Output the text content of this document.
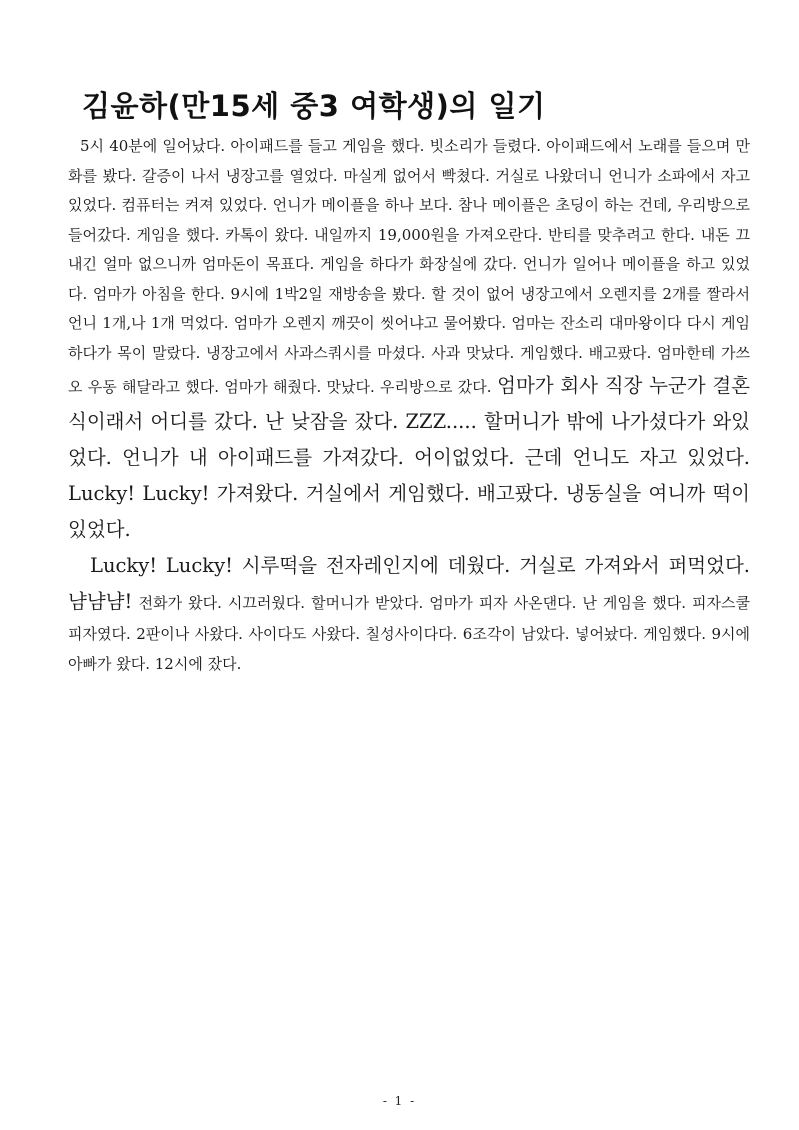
김윤하(만15세 중3 여학생)의 일기

5시 40분에 일어났다. 아이패드를 들고 게임을 했다. 빗소리가 들렸다. 아이패드에서 노래를 들으며 만화를 봤다. 갈증이 나서 냉장고를 열었다. 마실게 없어서 빡쳤다. 거실로 나왔더니 언니가 소파에서 자고 있었다. 컴퓨터는 켜져 있었다. 언니가 메이플을 하나 보다. 참나 메이플은 초딩이 하는 건데, 우리방으로 들어갔다. 게임을 했다. 카톡이 왔다. 내일까지 19,000원을 가져오란다. 반티를 맞추려고 한다. 내돈 끄내긴 얼마 없으니까 엄마돈이 목표다. 게임을 하다가 화장실에 갔다. 언니가 일어나 메이플을 하고 있었다. 엄마가 아침을 한다. 9시에 1박2일 재방송을 봤다. 할 것이 없어 냉장고에서 오렌지를 2개를 짤라서 언니 1개,나 1개 먹었다. 엄마가 오렌지 깨끗이 씻어냐고 물어봤다. 엄마는 잔소리 대마왕이다 다시 게임하다가 목이 말랐다. 냉장고에서 사과스쿼시를 마셨다. 사과 맛났다. 게임했다. 배고팠다. 엄마한테 가쓰오 우동 해달라고 했다. 엄마가 해줬다. 맛났다. 우리방으로 갔다. 엄마가 회사 직장 누군가 결혼식이래서 어디를 갔다. 난 낮잠을 잤다. ZZZ..... 할머니가 밖에 나가셨다가 와있었다. 언니가 내 아이패드를 가져갔다. 어이없었다. 근데 언니도 자고 있었다. Lucky! Lucky! 가져왔다. 거실에서 게임했다. 배고팠다. 냉동실을 여니까 떡이 있었다.

Lucky! Lucky! 시루떡을 전자레인지에 데웠다. 거실로 가져와서 퍼먹었다. 냠냠냠! 전화가 왔다. 시끄러웠다. 할머니가 받았다. 엄마가 피자 사온댄다. 난 게임을 했다. 피자스쿨 피자였다. 2판이나 사왔다. 사이다도 사왔다. 칠성사이다다. 6조각이 남았다. 넣어놨다. 게임했다. 9시에 아빠가 왔다. 12시에 잤다.

- 1 -
